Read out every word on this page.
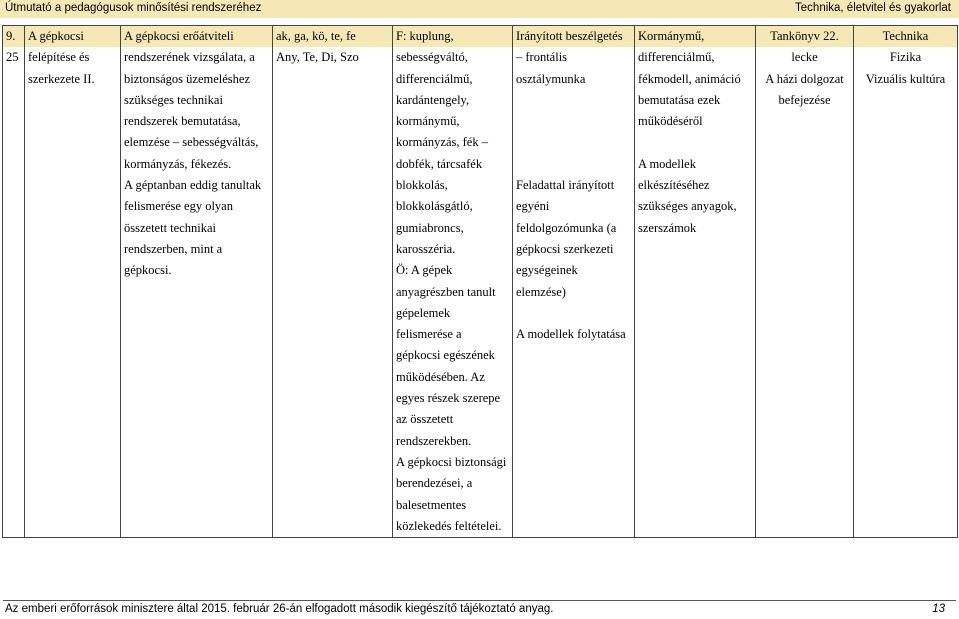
Útmutató a pedagógusok minősítési rendszeréhez	Technika, életvitel és gyakorlat
9.	A gépkocsi	A gépkocsi erőátviteli	ak, ga, kö, te, fe	F: kuplung,	Irányított beszélgetés	Kormánymű,	Tankönyv 22.	Technika
25	felépítése és	rendszerének vizsgálata, a	Any, Te, Di, Szo	sebességváltó,	– frontális	differenciálmű,	lecke	Fizika
	szerkezete II.	biztonságos üzemeléshez		differenciálmű,	osztálymunka	fékmodell, animáció	A házi dolgozat	Vizuális kultúra
		szükséges technikai		kardántengely,		bemutatása ezek	befejezése	
		rendszerek bemutatása,		kormánymű,		működéséről		
		elemzése – sebességváltás,		kormányzás, fék –				
		kormányzás, fékezés.		dobfék, tárcsafék		A modellek		
		A géptanban eddig tanultak		blokkolás,	Feladattal irányított	elkészítéséhez		
		felismerése egy olyan		blokkolásgátló,	egyéni	szükséges anyagok,		
		összetett technikai		gumiabroncs,	feldolgozómunka (a	szerszámok		
		rendszerben, mint a		karosszéria.	gépkocsi szerkezeti			
		gépkocsi.		Ö: A gépek	egységeinek			
				anyagrészben tanult	elemzése)			
				gépelemek				
				felismerése a	A modellek folytatása			
				gépkocsi egészének				
				működésében. Az				
				egyes részek szerepe				
				az összetett				
				rendszerekben.				
				A gépkocsi biztonsági				
				berendezései, a				
				balesetmentes				
				közlekedés feltételei.				
Az emberi erőforrások minisztere által 2015. február 26-án elfogadott második kiegészítő tájékoztató anyag.	13
